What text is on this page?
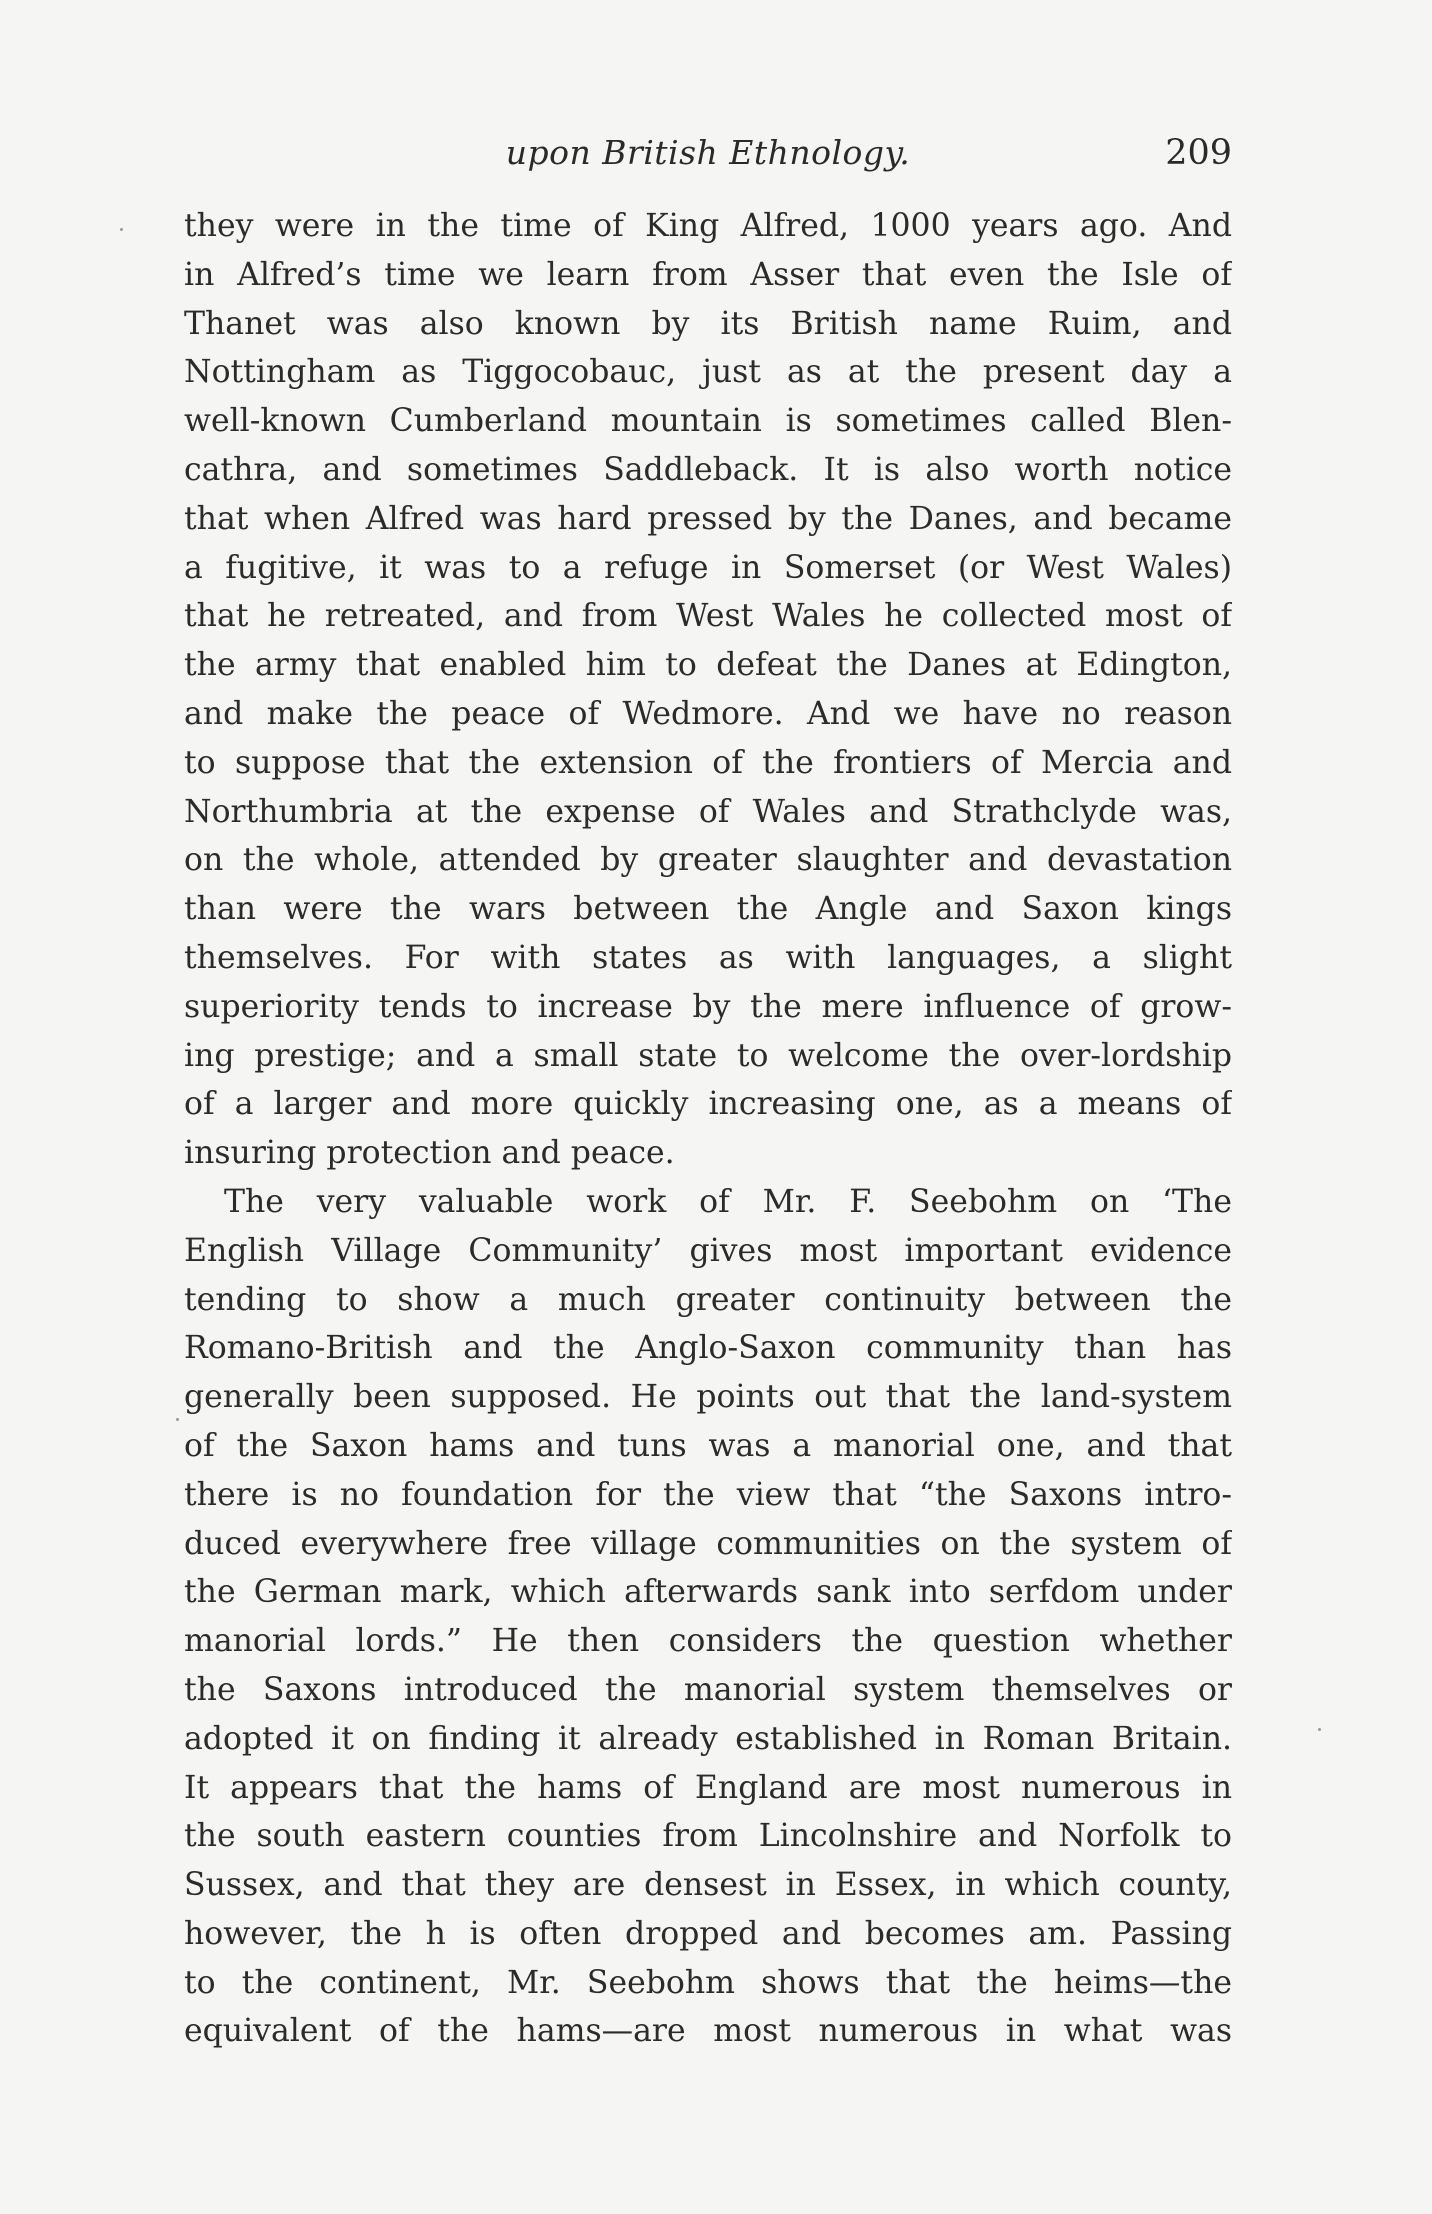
upon British Ethnology.	209
they were in the time of King Alfred, 1000 years ago. And
in Alfred’s time we learn from Asser that even the Isle of
Thanet was also known by its British name Ruim, and
Nottingham as Tiggocobauc, just as at the present day a
well-known Cumberland mountain is sometimes called Blen-
cathra, and sometimes Saddleback. It is also worth notice
that when Alfred was hard pressed by the Danes, and became
a fugitive, it was to a refuge in Somerset (or West Wales)
that he retreated, and from West Wales he collected most of
the army that enabled him to defeat the Danes at Edington,
and make the peace of Wedmore. And we have no reason
to suppose that the extension of the frontiers of Mercia and
Northumbria at the expense of Wales and Strathclyde was,
on the whole, attended by greater slaughter and devastation
than were the wars between the Angle and Saxon kings
themselves. For with states as with languages, a slight
superiority tends to increase by the mere influence of grow-
ing prestige; and a small state to welcome the over-lordship
of a larger and more quickly increasing one, as a means of
insuring protection and peace.
The very valuable work of Mr. F. Seebohm on ‘The
English Village Community’ gives most important evidence
tending to show a much greater continuity between the
Romano-British and the Anglo-Saxon community than has
generally been supposed. He points out that the land-system
of the Saxon hams and tuns was a manorial one, and that
there is no foundation for the view that “the Saxons intro-
duced everywhere free village communities on the system of
the German mark, which afterwards sank into serfdom under
manorial lords.” He then considers the question whether
the Saxons introduced the manorial system themselves or
adopted it on finding it already established in Roman Britain.
It appears that the hams of England are most numerous in
the south eastern counties from Lincolnshire and Norfolk to
Sussex, and that they are densest in Essex, in which county,
however, the h is often dropped and becomes am. Passing
to the continent, Mr. Seebohm shows that the heims—the
equivalent of the hams—are most numerous in what was
